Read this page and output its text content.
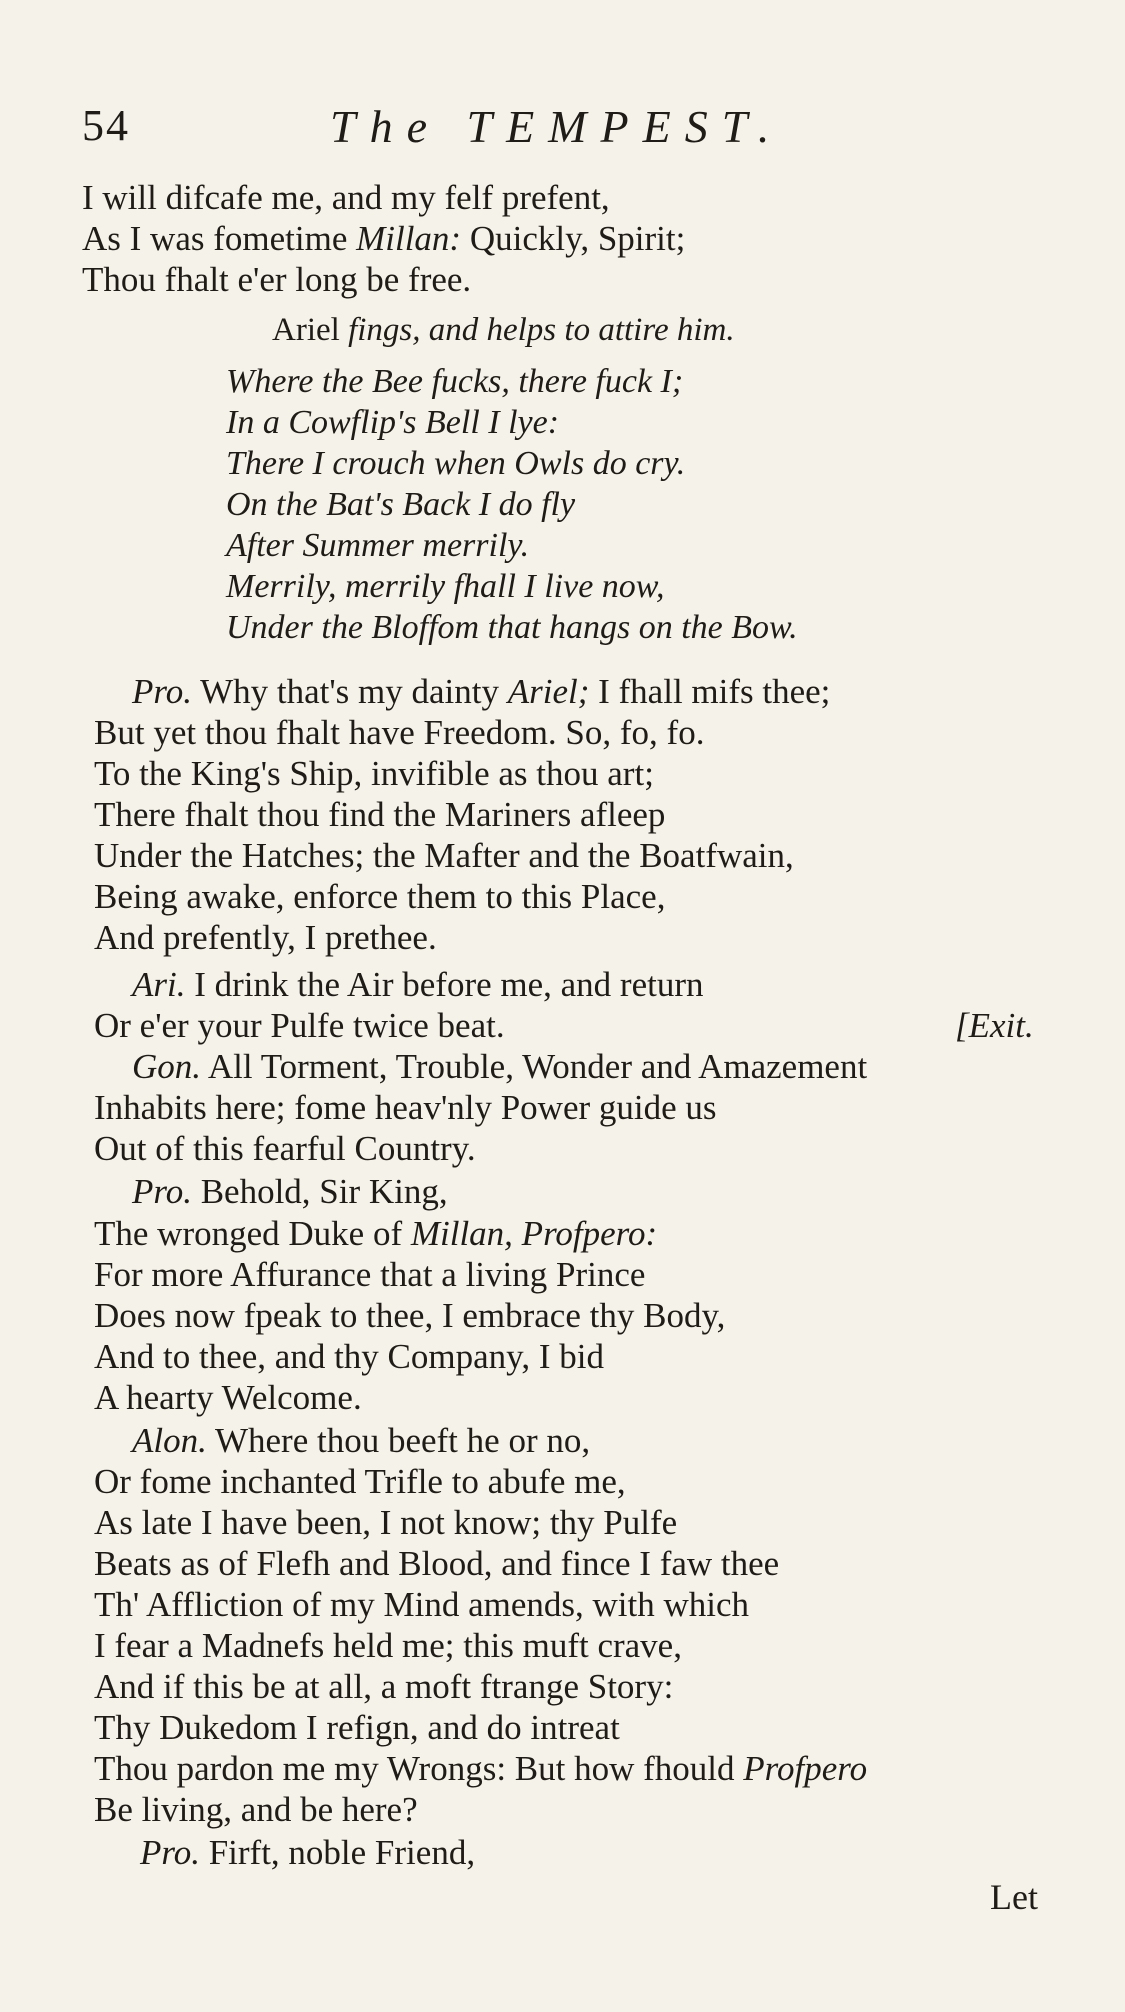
54	The TEMPEST.
I will difcafe me, and my felf prefent,
As I was fometime Millan: Quickly, Spirit;
Thou fhalt e'er long be free.
Ariel fings, and helps to attire him.
Where the Bee fucks, there fuck I;
In a Cowflip's Bell I lye:
There I crouch when Owls do cry.
On the Bat's Back I do fly
After Summer merrily.
Merrily, merrily fhall I live now,
Under the Bloffom that hangs on the Bow.
Pro. Why that's my dainty Ariel; I fhall mifs thee;
But yet thou fhalt have Freedom. So, fo, fo.
To the King's Ship, invifible as thou art;
There fhalt thou find the Mariners afleep
Under the Hatches; the Mafter and the Boatfwain,
Being awake, enforce them to this Place,
And prefently, I prethee.
Ari. I drink the Air before me, and return
Or e'er your Pulfe twice beat.	[Exit.
Gon. All Torment, Trouble, Wonder and Amazement
Inhabits here; fome heav'nly Power guide us
Out of this fearful Country.
Pro. Behold, Sir King,
The wronged Duke of Millan, Profpero:
For more Affurance that a living Prince
Does now fpeak to thee, I embrace thy Body,
And to thee, and thy Company, I bid
A hearty Welcome.
Alon. Where thou beeft he or no,
Or fome inchanted Trifle to abufe me,
As late I have been, I not know; thy Pulfe
Beats as of Flefh and Blood, and fince I faw thee
Th' Affliction of my Mind amends, with which
I fear a Madnefs held me; this muft crave,
And if this be at all, a moft ftrange Story:
Thy Dukedom I refign, and do intreat
Thou pardon me my Wrongs: But how fhould Profpero
Be living, and be here?
Pro. Firft, noble Friend,
Let
